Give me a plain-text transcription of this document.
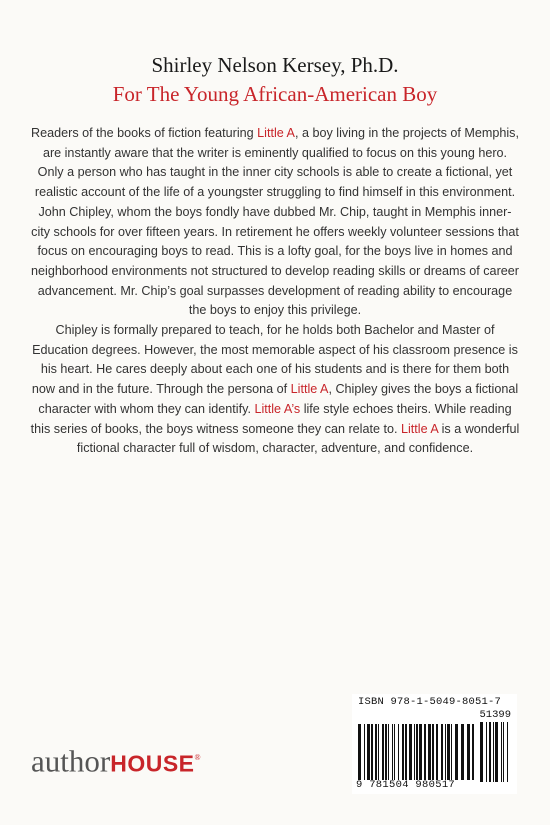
Shirley Nelson Kersey, Ph.D.
For The Young African-American Boy

Readers of the books of fiction featuring Little A, a boy living in the projects of Memphis, are instantly aware that the writer is eminently qualified to focus on this young hero.

Only a person who has taught in the inner city schools is able to create a fictional, yet realistic account of the life of a youngster struggling to find himself in this environment.

John Chipley, whom the boys fondly have dubbed Mr. Chip, taught in Memphis inner-city schools for over fifteen years. In retirement he offers weekly volunteer sessions that focus on encouraging boys to read. This is a lofty goal, for the boys live in homes and neighborhood environments not structured to develop reading skills or dreams of career advancement. Mr. Chip’s goal surpasses development of reading ability to encourage the boys to enjoy this privilege.

Chipley is formally prepared to teach, for he holds both Bachelor and Master of Education degrees. However, the most memorable aspect of his classroom presence is his heart. He cares deeply about each one of his students and is there for them both now and in the future. Through the persona of Little A, Chipley gives the boys a fictional character with whom they can identify. Little A’s life style echoes theirs. While reading this series of books, the boys witness someone they can relate to. Little A is a wonderful fictional character full of wisdom, character, adventure, and confidence.

authorHOUSE®
ISBN 978-1-5049-8051-7
51399
9 781504 980517
